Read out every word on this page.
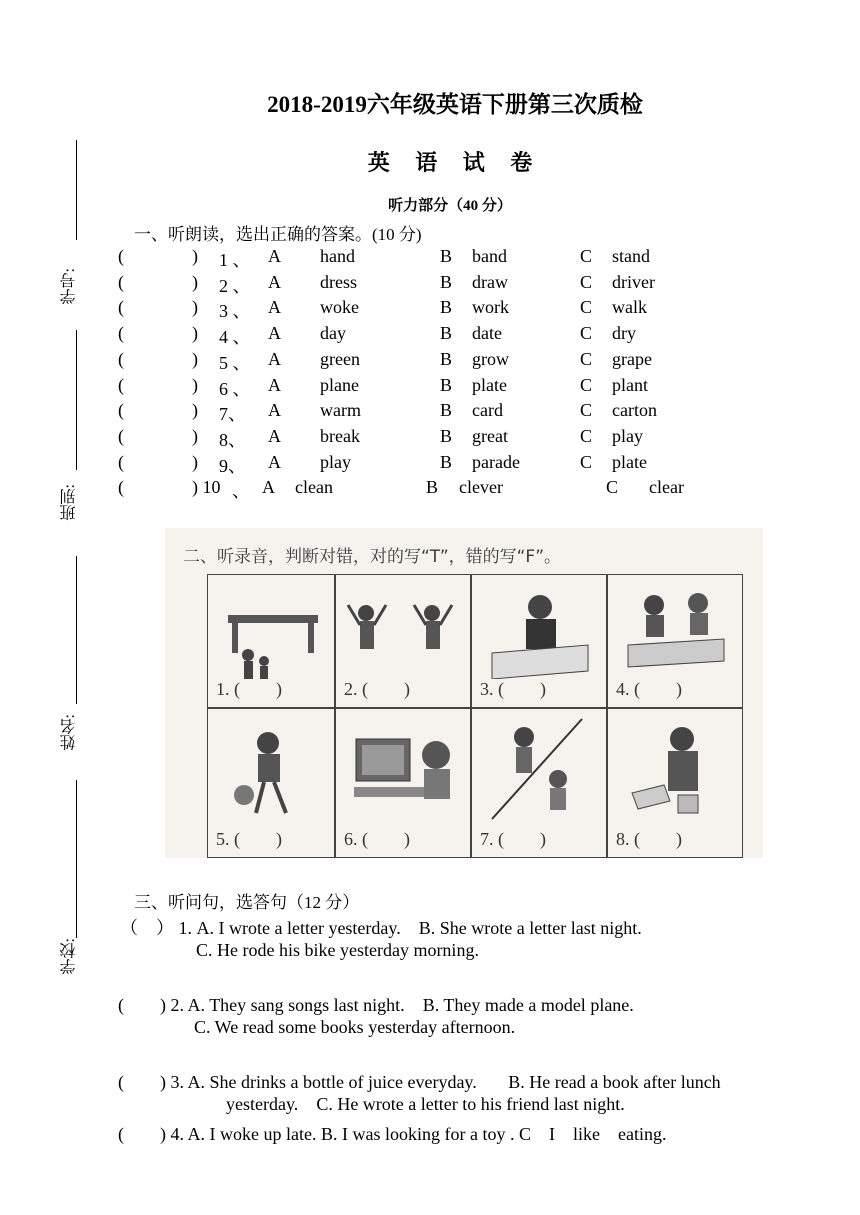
2018-2019六年级英语下册第三次质检
英 语 试 卷
听力部分（40 分）
学号:
班别:
姓名:
学校:
一、听朗读，选出正确的答案。(10 分)
(	) 1 、 A hand	B band	C stand
(	) 2 、 A dress	B draw	C driver
(	) 3 、 A woke	B work	C walk
(	) 4 、 A day	B date	C dry
(	) 5 、 A green	B grow	C grape
(	) 6 、 A plane	B plate	C plant
(	) 7、 A warm	B card	C carton
(	) 8、 A break	B great	C play
(	) 9、 A play	B parade	C plate
(	) 10 、 A clean	B clever	C clear
二、听录音，判断对错，对的写“T”，错的写“F”。
1. (　　)	2. (　　)	3. (　　)	4. (　　)
5. (　　)	6. (　　)	7. (　　)	8. (　　)
三、听问句，选答句（12 分）
（　） 1. A. I wrote a letter yesterday. B. She wrote a letter last night.
C. He rode his bike yesterday morning.
(　　) 2. A. They sang songs last night. B. They made a model plane.
C. We read some books yesterday afternoon.
(　　) 3. A. She drinks a bottle of juice everyday. B. He read a book after lunch
yesterday. C. He wrote a letter to his friend last night.
(　　) 4. A. I woke up late. B. I was looking for a toy . C　I　like　eating.
